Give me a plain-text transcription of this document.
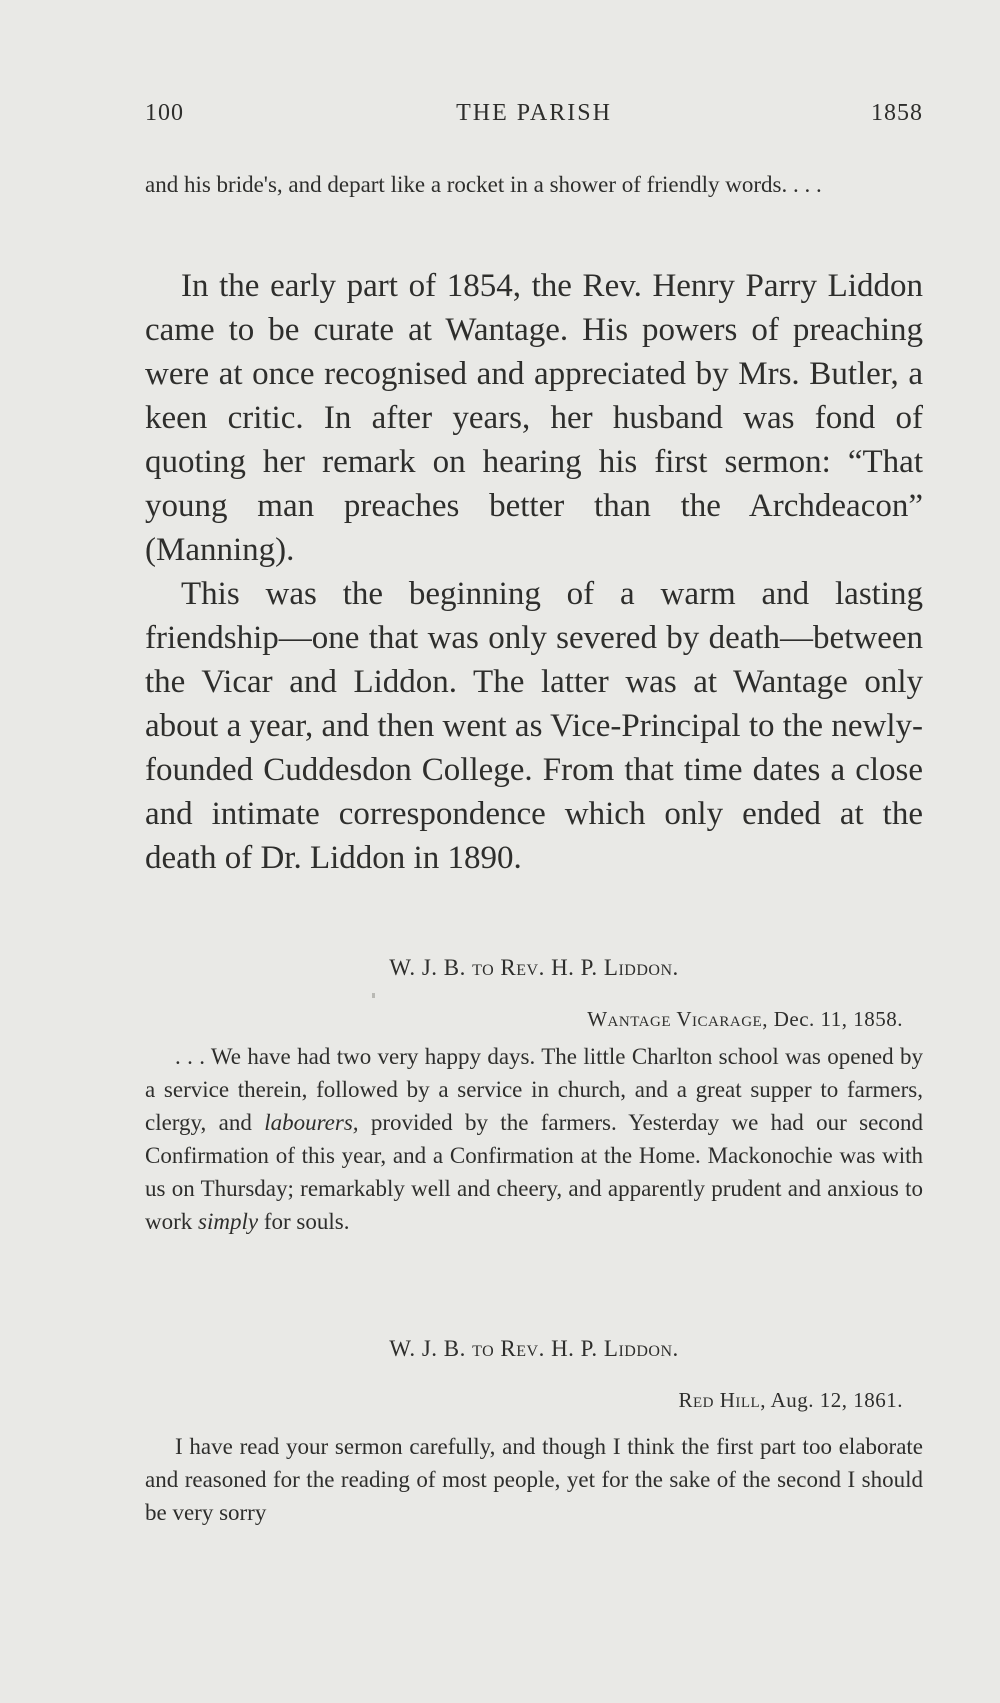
100	THE PARISH	1858
and his bride's, and depart like a rocket in a shower of friendly words. . . .

In the early part of 1854, the Rev. Henry Parry Liddon came to be curate at Wantage. His powers of preaching were at once recognised and appreciated by Mrs. Butler, a keen critic. In after years, her husband was fond of quoting her remark on hearing his first sermon: “That young man preaches better than the Archdeacon” (Manning).

This was the beginning of a warm and lasting friendship—one that was only severed by death—between the Vicar and Liddon. The latter was at Wantage only about a year, and then went as Vice-Principal to the newly-founded Cuddesdon College. From that time dates a close and intimate correspondence which only ended at the death of Dr. Liddon in 1890.

W. J. B. to Rev. H. P. Liddon.
Wantage Vicarage, Dec. 11, 1858.

. . . We have had two very happy days. The little Charlton school was opened by a service therein, followed by a service in church, and a great supper to farmers, clergy, and labourers, provided by the farmers. Yesterday we had our second Confirmation of this year, and a Confirmation at the Home. Mackonochie was with us on Thursday; remarkably well and cheery, and apparently prudent and anxious to work simply for souls.

W. J. B. to Rev. H. P. Liddon.
Red Hill, Aug. 12, 1861.

I have read your sermon carefully, and though I think the first part too elaborate and reasoned for the reading of most people, yet for the sake of the second I should be very sorry
